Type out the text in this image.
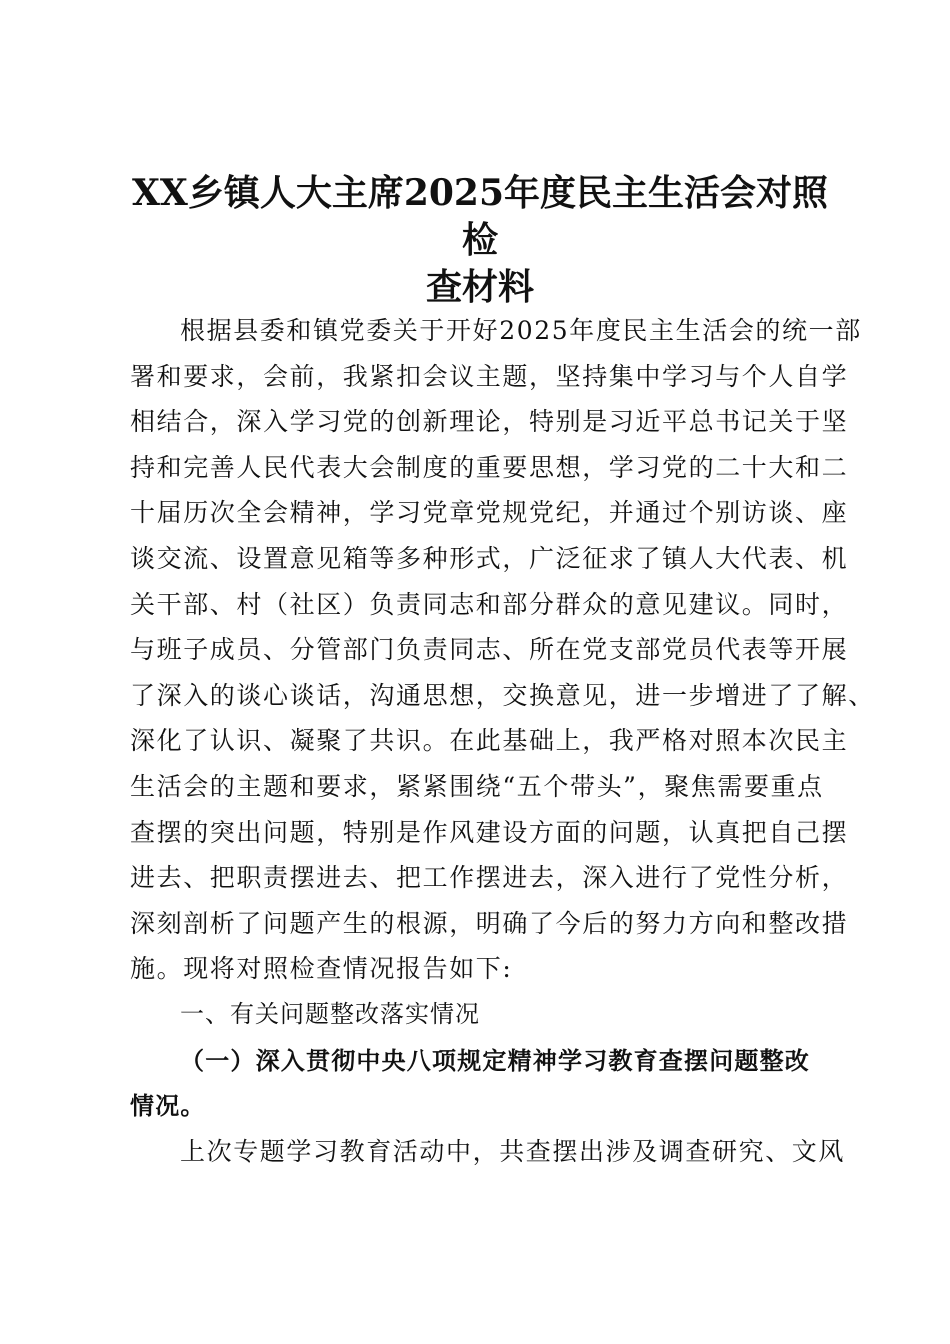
XX乡镇人大主席2025年度民主生活会对照检
查材料
根据县委和镇党委关于开好2025年度民主生活会的统一部
署和要求，会前，我紧扣会议主题，坚持集中学习与个人自学
相结合，深入学习党的创新理论，特别是习近平总书记关于坚
持和完善人民代表大会制度的重要思想，学习党的二十大和二
十届历次全会精神，学习党章党规党纪，并通过个别访谈、座
谈交流、设置意见箱等多种形式，广泛征求了镇人大代表、机
关干部、村（社区）负责同志和部分群众的意见建议。同时，
与班子成员、分管部门负责同志、所在党支部党员代表等开展
了深入的谈心谈话，沟通思想，交换意见，进一步增进了了解、
深化了认识、凝聚了共识。在此基础上，我严格对照本次民主
生活会的主题和要求，紧紧围绕“五个带头”，聚焦需要重点
查摆的突出问题，特别是作风建设方面的问题，认真把自己摆
进去、把职责摆进去、把工作摆进去，深入进行了党性分析，
深刻剖析了问题产生的根源，明确了今后的努力方向和整改措
施。现将对照检查情况报告如下:
一、有关问题整改落实情况
（一）深入贯彻中央八项规定精神学习教育查摆问题整改
情况。
上次专题学习教育活动中，共查摆出涉及调查研究、文风
